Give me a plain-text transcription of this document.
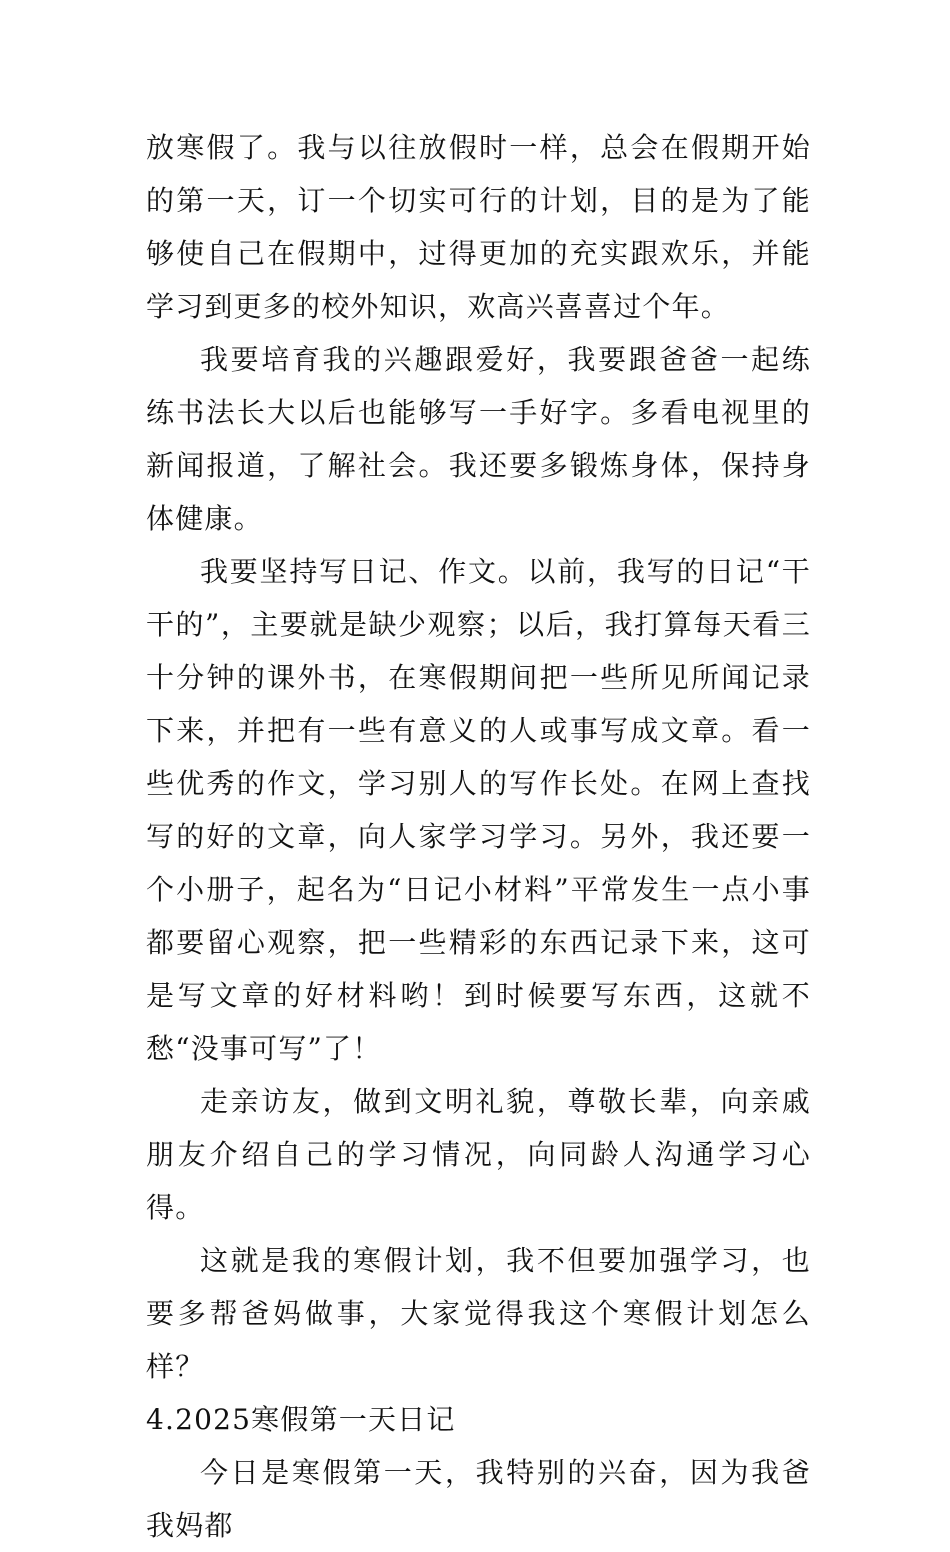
放寒假了。我与以往放假时一样，总会在假期开始的第一天，订一个切实可行的计划，目的是为了能够使自己在假期中，过得更加的充实跟欢乐，并能学习到更多的校外知识，欢高兴喜喜过个年。

我要培育我的兴趣跟爱好，我要跟爸爸一起练练书法长大以后也能够写一手好字。多看电视里的新闻报道，了解社会。我还要多锻炼身体，保持身体健康。

我要坚持写日记、作文。以前，我写的日记“干干的”，主要就是缺少观察；以后，我打算每天看三十分钟的课外书，在寒假期间把一些所见所闻记录下来，并把有一些有意义的人或事写成文章。看一些优秀的作文，学习别人的写作长处。在网上查找写的好的文章，向人家学习学习。另外，我还要一个小册子，起名为“日记小材料”平常发生一点小事都要留心观察，把一些精彩的东西记录下来，这可是写文章的好材料哟！到时候要写东西，这就不愁“没事可写”了！

走亲访友，做到文明礼貌，尊敬长辈，向亲戚朋友介绍自己的学习情况，向同龄人沟通学习心得。

这就是我的寒假计划，我不但要加强学习，也要多帮爸妈做事，大家觉得我这个寒假计划怎么样？

4.2025寒假第一天日记

今日是寒假第一天，我特别的兴奋，因为我爸我妈都
